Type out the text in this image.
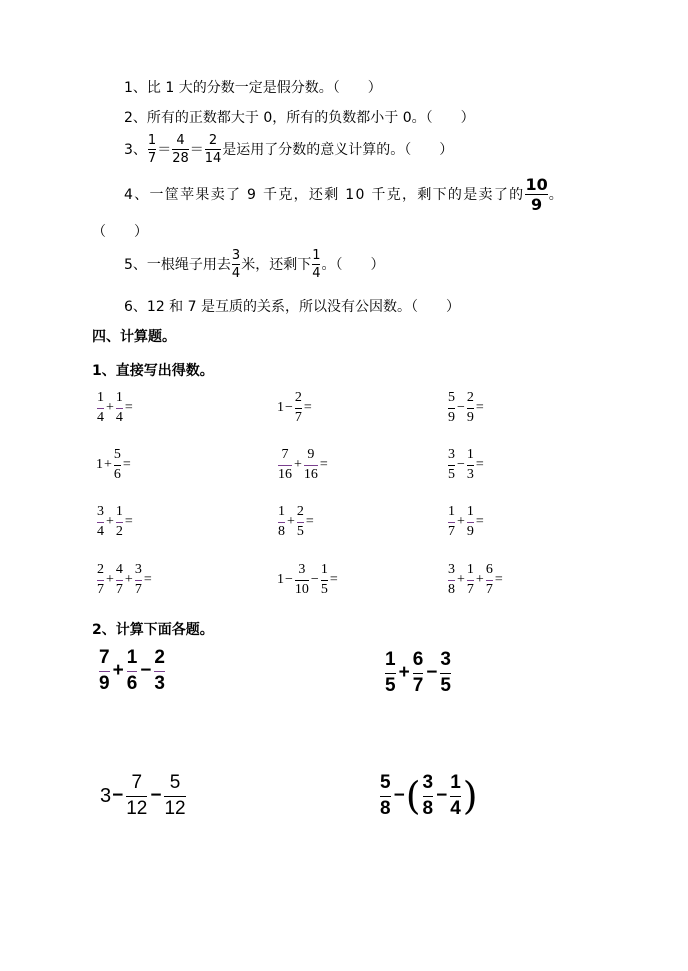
1、比 1 大的分数一定是假分数。（　　）
2、所有的正数都大于 0，所有的负数都小于 0。（　　）
3、 $\frac{1}{7} = \frac{4}{28} = \frac{2}{14}$ 是运用了分数的意义计算的。（　　）
4、一筐苹果卖了 9 千克，还剩 10 千克，剩下的是卖了的 $\frac{10}{9}$ 。
（　　）
5、一根绳子用去 $\frac{3}{4}$ 米，还剩下 $\frac{1}{4}$ 。（　　）
6、12 和 7 是互质的关系，所以没有公因数。（　　）
四、计算题。
1、直接写出得数。
$\frac{1}{4} + \frac{1}{4}$ =	$1 - \frac{2}{7}$ =	$\frac{5}{9} - \frac{2}{9}$ =
$1 + \frac{5}{6}$ =	$\frac{7}{16} + \frac{9}{16}$ =	$\frac{3}{5} - \frac{1}{3}$ =
$\frac{3}{4} + \frac{1}{2}$ =	$\frac{1}{8} + \frac{2}{5}$ =	$\frac{1}{7} + \frac{1}{9}$ =
$\frac{2}{7} + \frac{4}{7} + \frac{3}{7}$ =	$1 - \frac{3}{10} - \frac{1}{5}$ =	$\frac{3}{8} + \frac{1}{7} + \frac{6}{7}$ =
2、计算下面各题。
$\frac{7}{9} + \frac{1}{6} - \frac{2}{3}$	$\frac{1}{5} + \frac{6}{7} - \frac{3}{5}$
$3 - \frac{7}{12} - \frac{5}{12}$	$\frac{5}{8}$ − ( $\frac{3}{8} - \frac{1}{4}$ )
